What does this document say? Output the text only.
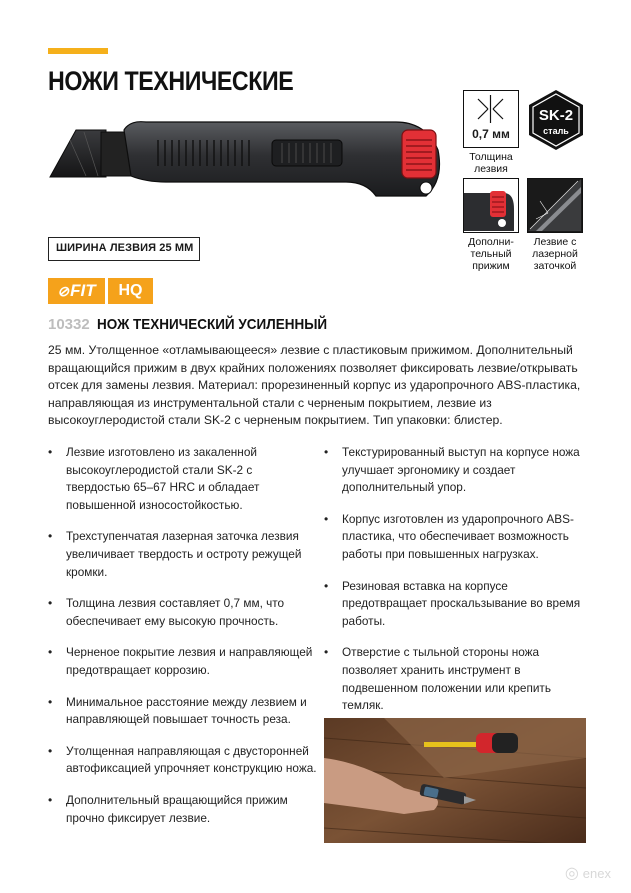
НОЖИ ТЕХНИЧЕСКИЕ
0,7 мм
Толщина
лезвия
SK-2
сталь
Дополни-
тельный
прижим
Лезвие с
лазерной
заточкой
ШИРИНА ЛЕЗВИЯ 25 ММ
⊘ FIT	HQ
10332 НОЖ ТЕХНИЧЕСКИЙ УСИЛЕННЫЙ
25 мм. Утолщенное «отламывающееся» лезвие с пластиковым прижимом. Дополнительный вращающийся прижим в двух крайних положениях позволяет фиксировать лезвие/открывать отсек для замены лезвия. Материал: прорезиненный корпус из ударопрочного ABS-пластика, направляющая из инструментальной стали с черненым покрытием, лезвие из высокоуглеродистой стали SK-2 с черненым покрытием. Тип упаковки: блистер.
• Лезвие изготовлено из закаленной высокоуглеродистой стали SK-2 с твердостью 65–67 HRC и обладает повышенной износостойкостью.
• Трехступенчатая лазерная заточка лезвия увеличивает твердость и остроту режущей кромки.
• Толщина лезвия составляет 0,7 мм, что обеспечивает ему высокую прочность.
• Черненое покрытие лезвия и направляющей предотвращает коррозию.
• Минимальное расстояние между лезвием и направляющей повышает точность реза.
• Утолщенная направляющая с двусторонней автофиксацией упрочняет конструкцию ножа.
• Дополнительный вращающийся прижим прочно фиксирует лезвие.
• Текстурированный выступ на корпусе ножа улучшает эргономику и создает дополнительный упор.
• Корпус изготовлен из ударопрочного ABS-пластика, что обеспечивает возможность работы при повышенных нагрузках.
• Резиновая вставка на корпусе предотвращает проскальзывание во время работы.
• Отверстие с тыльной стороны ножа позволяет хранить инструмент в подвешенном положении или крепить темляк.
◎ enex
